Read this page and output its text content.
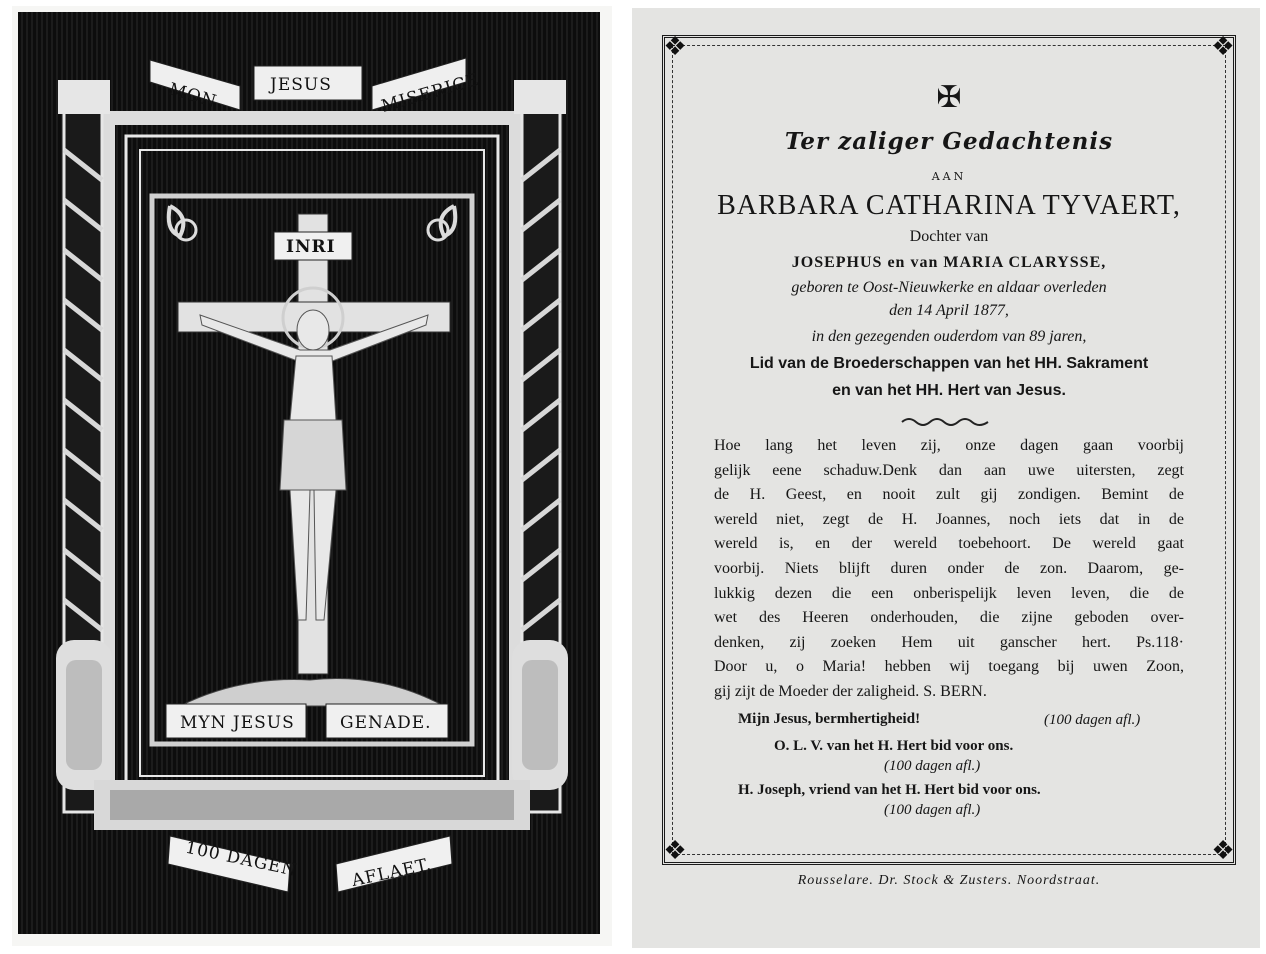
MON	JESUS	MISERICE
INRI
MYN JESUS	GENADE.
100 DAGEN	AFLAET.
❖	❖
❖	❖
✠
Ter zaliger Gedachtenis
AAN
BARBARA CATHARINA TYVAERT,
Dochter van
JOSEPHUS en van MARIA CLARYSSE,
geboren te Oost-Nieuwkerke en aldaar overleden
den 14 April 1877,
in den gezegenden ouderdom van 89 jaren,
Lid van de Broederschappen van het HH. Sakrament
en van het HH. Hert van Jesus.
Hoe lang het leven zij, onze dagen gaan voorbij
gelijk eene schaduw.Denk dan aan uwe uitersten, zegt
de H. Geest, en nooit zult gij zondigen. Bemint de
wereld niet, zegt de H. Joannes, noch iets dat in de
wereld is, en der wereld toebehoort. De wereld gaat
voorbij. Niets blijft duren onder de zon. Daarom, ge-
lukkig dezen die een onberispelijk leven leven, die de
wet des Heeren onderhouden, die zijne geboden over-
denken, zij zoeken Hem uit ganscher hert. Ps.118·
Door u, o Maria! hebben wij toegang bij uwen Zoon,
gij zijt de Moeder der zaligheid. S. BERN.
Mijn Jesus, bermhertigheid!	(100 dagen afl.)
O. L. V. van het H. Hert bid voor ons.
(100 dagen afl.)
H. Joseph, vriend van het H. Hert bid voor ons.
(100 dagen afl.)
Rousselare. Dr. Stock & Zusters. Noordstraat.
